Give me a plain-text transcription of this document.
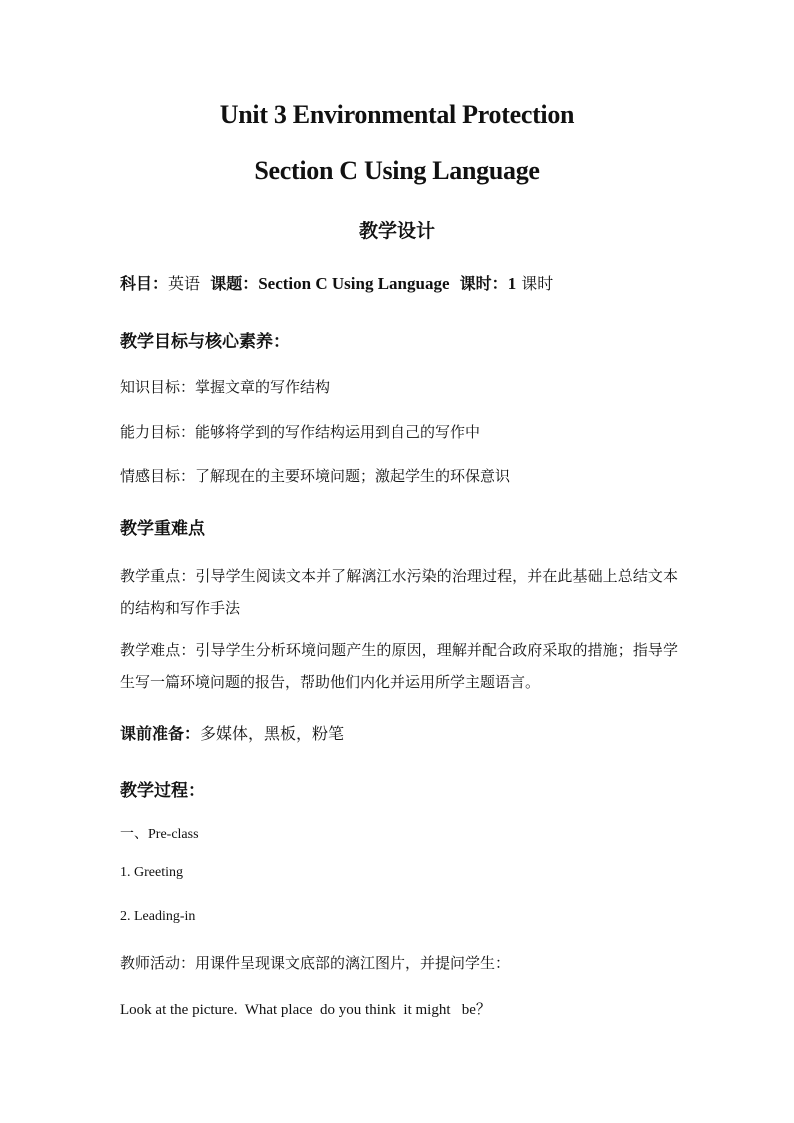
Unit 3 Environmental Protection
Section C Using Language
教学设计
科目：英语 课题：Section C Using Language 课时：1 课时
教学目标与核心素养：
知识目标：掌握文章的写作结构
能力目标：能够将学到的写作结构运用到自己的写作中
情感目标：了解现在的主要环境问题；激起学生的环保意识
教学重难点
教学重点：引导学生阅读文本并了解漓江水污染的治理过程，并在此基础上总结文本的结构和写作手法
教学难点：引导学生分析环境问题产生的原因，理解并配合政府采取的措施；指导学生写一篇环境问题的报告，帮助他们内化并运用所学主题语言。
课前准备：多媒体，黑板，粉笔
教学过程：
一、Pre-class
1. Greeting
2. Leading-in
教师活动：用课件呈现课文底部的漓江图片，并提问学生：
Look at the picture.  What place  do you think  it might   be？
